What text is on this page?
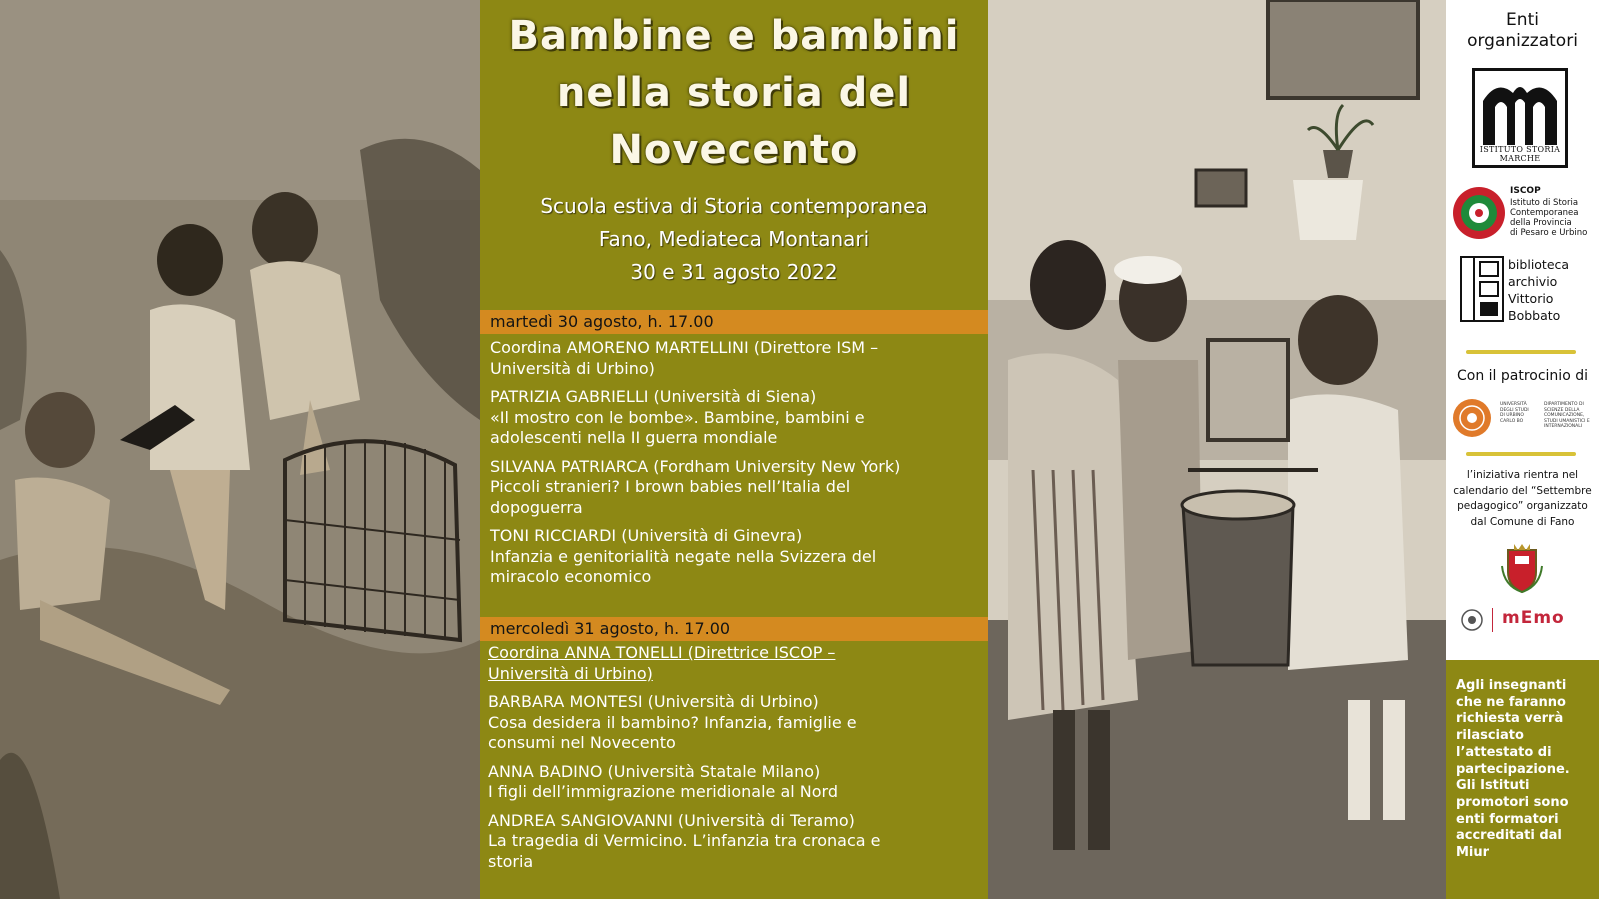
Bambine e bambini
nella storia del
Novecento
Scuola estiva di Storia contemporanea
Fano, Mediateca Montanari
30 e 31 agosto 2022
martedì 30 agosto, h. 17.00
Coordina AMORENO MARTELLINI (Direttore ISM –
Università di Urbino)
PATRIZIA GABRIELLI (Università di Siena)
«Il mostro con le bombe». Bambine, bambini e
adolescenti nella II guerra mondiale
SILVANA PATRIARCA (Fordham University New York)
Piccoli stranieri? I brown babies nell’Italia del
dopoguerra
TONI RICCIARDI (Università di Ginevra)
Infanzia e genitorialità negate nella Svizzera del
miracolo economico
mercoledì 31 agosto, h. 17.00
Coordina ANNA TONELLI (Direttrice ISCOP –
Università di Urbino)
BARBARA MONTESI (Università di Urbino)
Cosa desidera il bambino? Infanzia, famiglie e
consumi nel Novecento
ANNA BADINO (Università Statale Milano)
I figli dell’immigrazione meridionale al Nord
ANDREA SANGIOVANNI (Università di Teramo)
La tragedia di Vermicino. L’infanzia tra cronaca e
storia
Enti
organizzatori
ISTITUTO STORIA MARCHE
ISCOP
Istituto di Storia
Contemporanea
della Provincia
di Pesaro e Urbino
biblioteca
archivio
Vittorio
Bobbato
Con il patrocinio di
UNIVERSITÀ
DEGLI STUDI
DI URBINO
CARLO BO
DIPARTIMENTO DI
SCIENZE DELLA COMUNICAZIONE,
STUDI UMANISTICI E
INTERNAZIONALI
l’iniziativa rientra nel
calendario del “Settembre
pedagogico” organizzato
dal Comune di Fano
mEmo
Agli insegnanti
che ne faranno
richiesta verrà
rilasciato
l’attestato di
partecipazione.
Gli Istituti
promotori sono
enti formatori
accreditati dal
Miur
